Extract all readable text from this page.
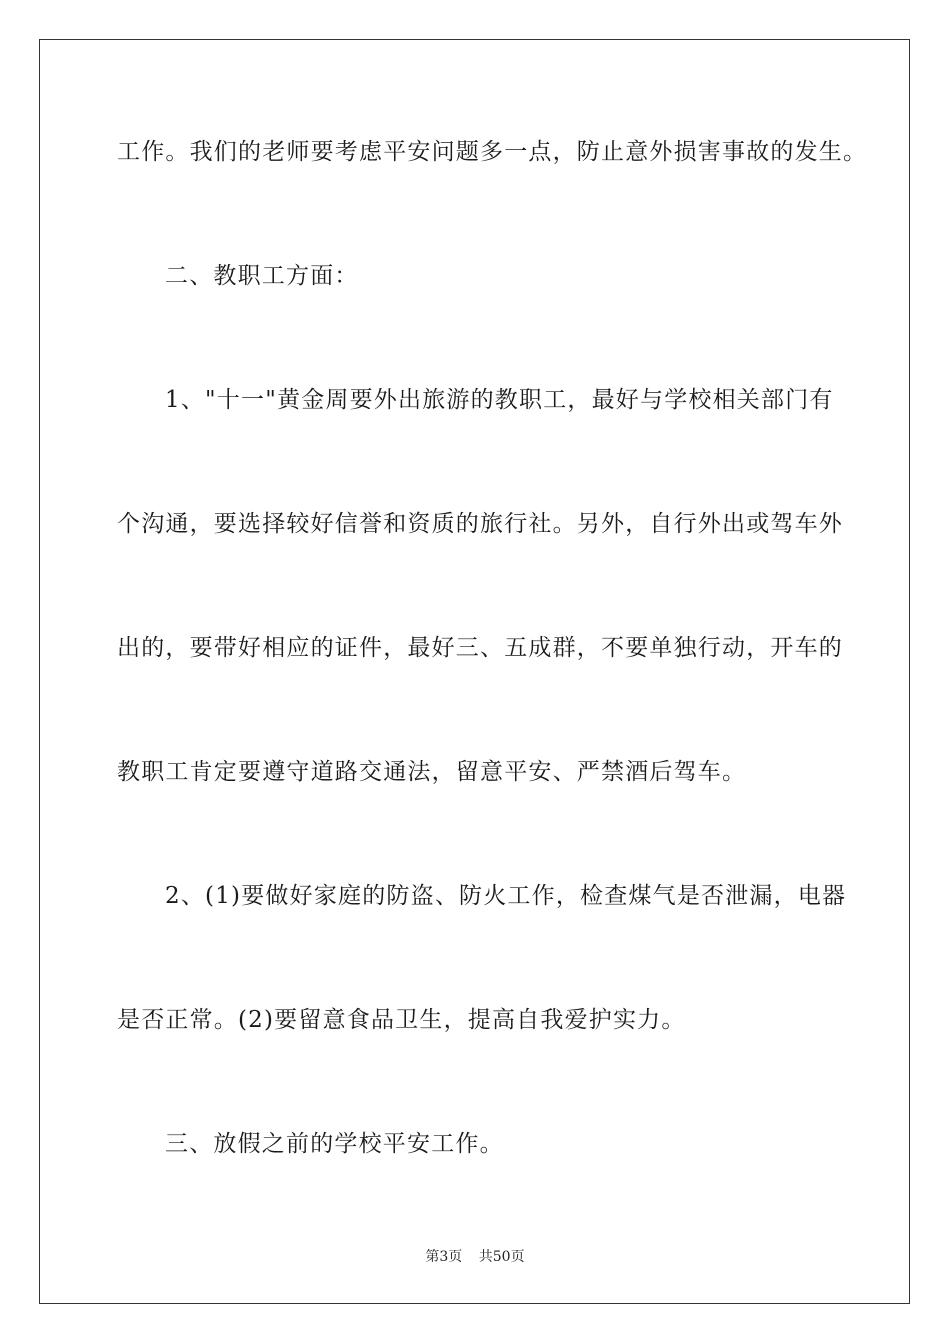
工作。我们的老师要考虑平安问题多一点，防止意外损害事故的发生。
二、教职工方面：
1、"十一"黄金周要外出旅游的教职工，最好与学校相关部门有
个沟通，要选择较好信誉和资质的旅行社。另外，自行外出或驾车外
出的，要带好相应的证件，最好三、五成群，不要单独行动，开车的
教职工肯定要遵守道路交通法，留意平安、严禁酒后驾车。
2、(1)要做好家庭的防盗、防火工作，检查煤气是否泄漏，电器
是否正常。(2)要留意食品卫生，提高自我爱护实力。
三、放假之前的学校平安工作。
第3页 共50页
